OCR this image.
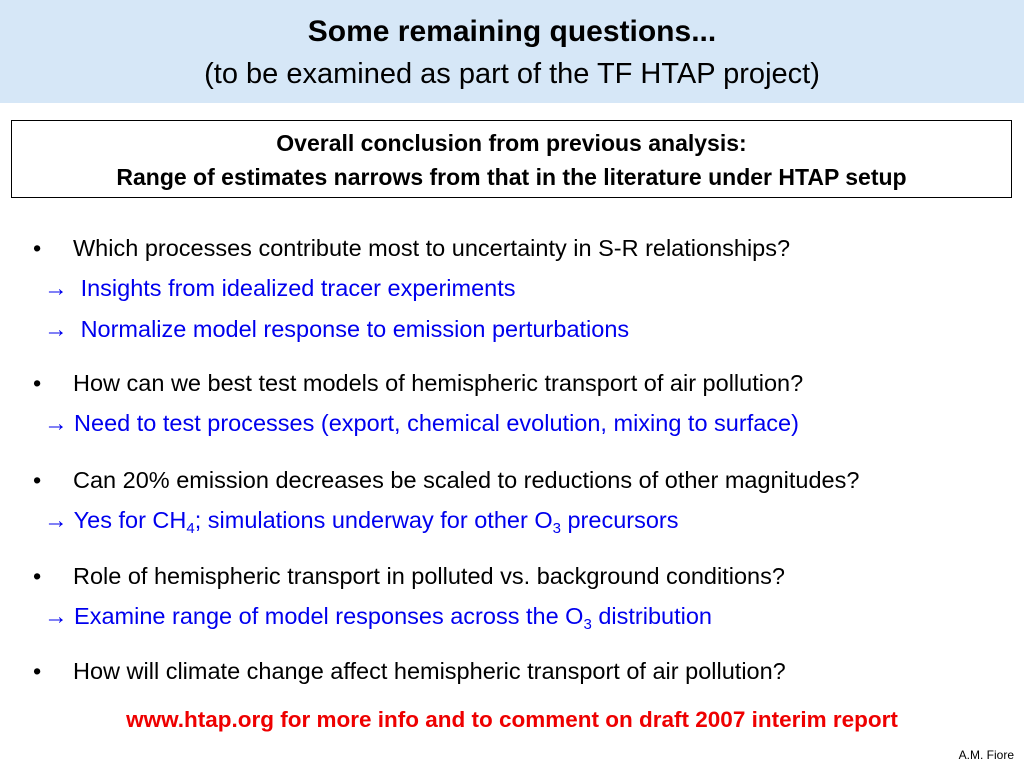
Some remaining questions...
(to be examined as part of the TF HTAP project)
Overall conclusion from previous analysis:
Range of estimates narrows from that in the literature under HTAP setup
• Which processes contribute most to uncertainty in S-R relationships?
→ Insights from idealized tracer experiments
→ Normalize model response to emission perturbations
• How can we best test models of hemispheric transport of air pollution?
→ Need to test processes (export, chemical evolution, mixing to surface)
• Can 20% emission decreases be scaled to reductions of other magnitudes?
→ Yes for $CH_4$; simulations underway for other $O_3$ precursors
• Role of hemispheric transport in polluted vs. background conditions?
→ Examine range of model responses across the $O_3$ distribution
• How will climate change affect hemispheric transport of air pollution?
www.htap.org for more info and to comment on draft 2007 interim report
A.M. Fiore
